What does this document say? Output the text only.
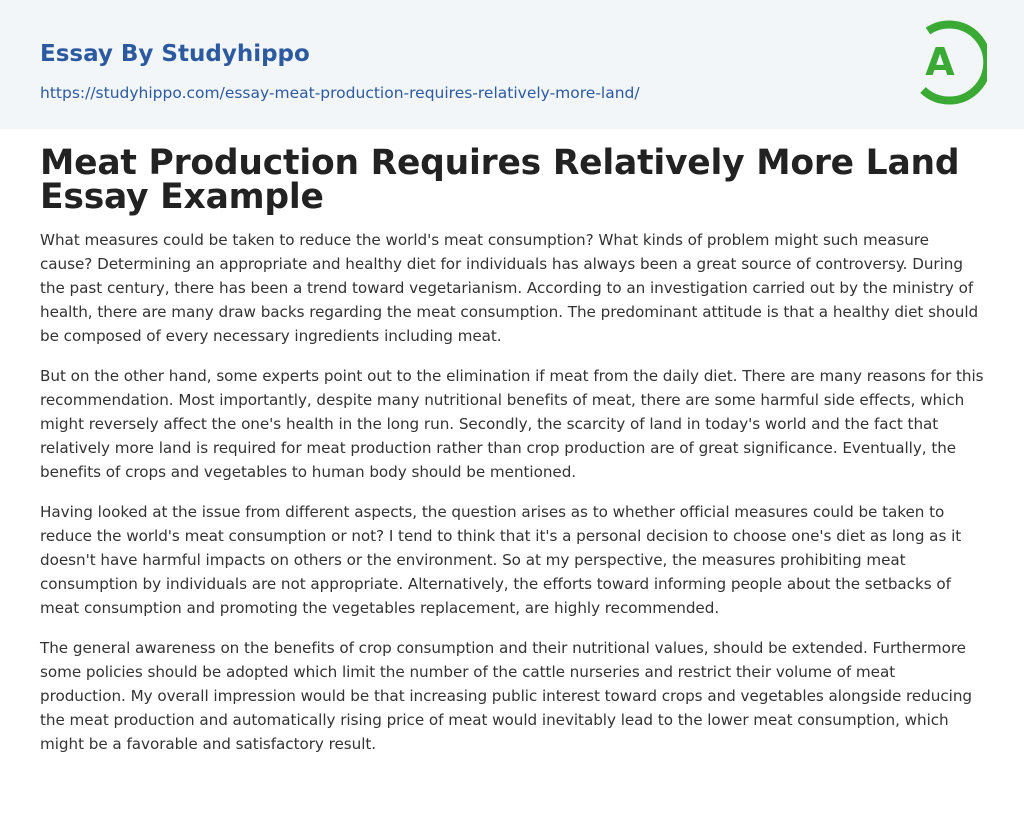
Essay By Studyhippo
https://studyhippo.com/essay-meat-production-requires-relatively-more-land/
A
Meat Production Requires Relatively More Land Essay Example

What measures could be taken to reduce the world's meat consumption? What kinds of problem might such measure cause? Determining an appropriate and healthy diet for individuals has always been a great source of controversy. During the past century, there has been a trend toward vegetarianism. According to an investigation carried out by the ministry of health, there are many draw backs regarding the meat consumption. The predominant attitude is that a healthy diet should be composed of every necessary ingredients including meat.

But on the other hand, some experts point out to the elimination if meat from the daily diet. There are many reasons for this recommendation. Most importantly, despite many nutritional benefits of meat, there are some harmful side effects, which might reversely affect the one's health in the long run. Secondly, the scarcity of land in today's world and the fact that relatively more land is required for meat production rather than crop production are of great significance. Eventually, the benefits of crops and vegetables to human body should be mentioned.

Having looked at the issue from different aspects, the question arises as to whether official measures could be taken to reduce the world's meat consumption or not? I tend to think that it's a personal decision to choose one's diet as long as it doesn't have harmful impacts on others or the environment. So at my perspective, the measures prohibiting meat consumption by individuals are not appropriate. Alternatively, the efforts toward informing people about the setbacks of meat consumption and promoting the vegetables replacement, are highly recommended.

The general awareness on the benefits of crop consumption and their nutritional values, should be extended. Furthermore some policies should be adopted which limit the number of the cattle nurseries and restrict their volume of meat production. My overall impression would be that increasing public interest toward crops and vegetables alongside reducing the meat production and automatically rising price of meat would inevitably lead to the lower meat consumption, which might be a favorable and satisfactory result.
